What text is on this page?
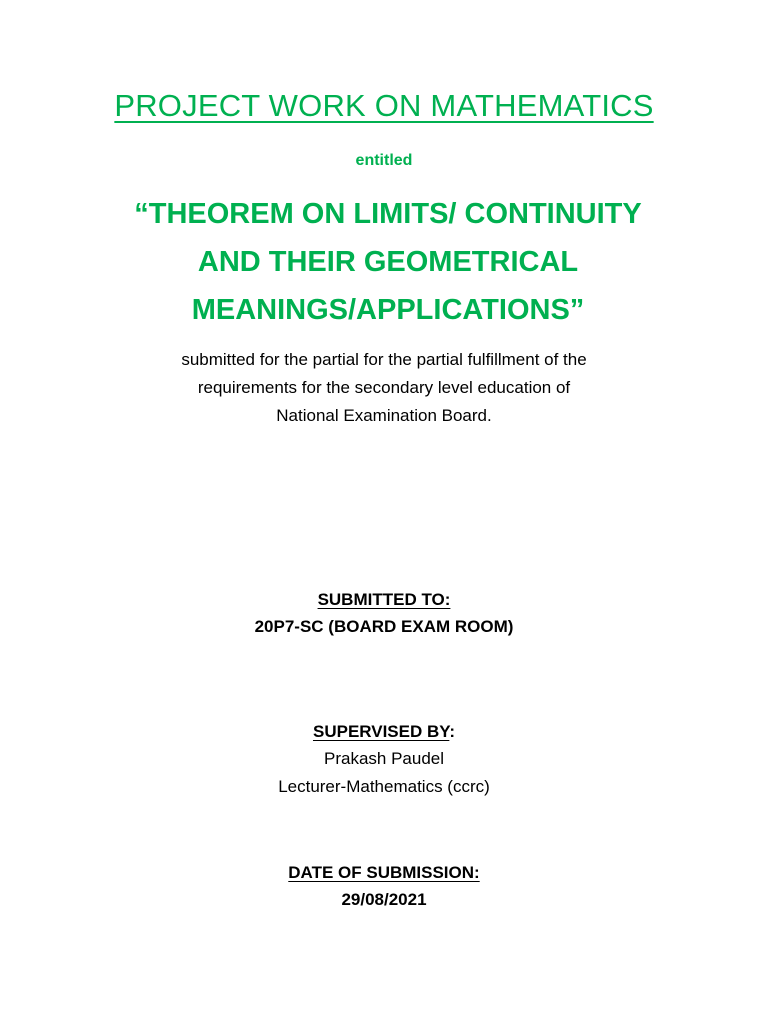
PROJECT WORK ON MATHEMATICS
entitled
“THEOREM ON LIMITS/ CONTINUITY
AND THEIR GEOMETRICAL
MEANINGS/APPLICATIONS”
submitted for the partial for the partial fulfillment of the
requirements for the secondary level education of
National Examination Board.
SUBMITTED TO:
20P7-SC (BOARD EXAM ROOM)
SUPERVISED BY:
Prakash Paudel
Lecturer-Mathematics (ccrc)
DATE OF SUBMISSION:
29/08/2021
